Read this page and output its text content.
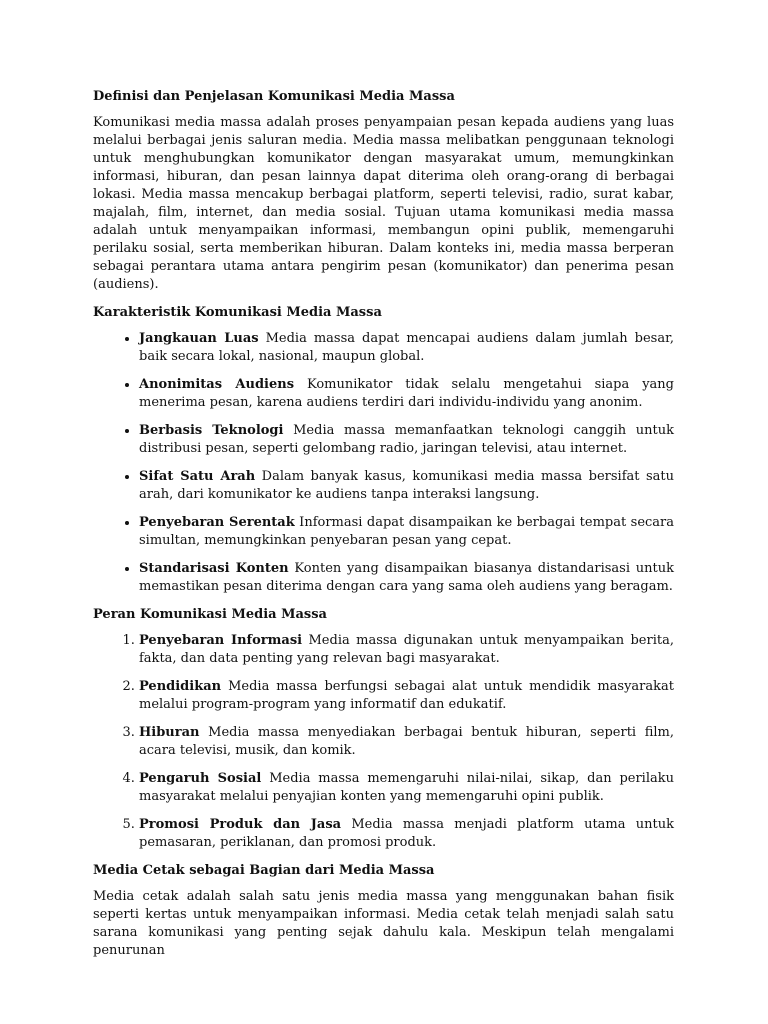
Definisi dan Penjelasan Komunikasi Media Massa

Komunikasi media massa adalah proses penyampaian pesan kepada audiens yang luas melalui berbagai jenis saluran media. Media massa melibatkan penggunaan teknologi untuk menghubungkan komunikator dengan masyarakat umum, memungkinkan informasi, hiburan, dan pesan lainnya dapat diterima oleh orang-orang di berbagai lokasi. Media massa mencakup berbagai platform, seperti televisi, radio, surat kabar, majalah, film, internet, dan media sosial. Tujuan utama komunikasi media massa adalah untuk menyampaikan informasi, membangun opini publik, memengaruhi perilaku sosial, serta memberikan hiburan. Dalam konteks ini, media massa berperan sebagai perantara utama antara pengirim pesan (komunikator) dan penerima pesan (audiens).

Karakteristik Komunikasi Media Massa
• Jangkauan Luas Media massa dapat mencapai audiens dalam jumlah besar, baik secara lokal, nasional, maupun global.
• Anonimitas Audiens Komunikator tidak selalu mengetahui siapa yang menerima pesan, karena audiens terdiri dari individu-individu yang anonim.
• Berbasis Teknologi Media massa memanfaatkan teknologi canggih untuk distribusi pesan, seperti gelombang radio, jaringan televisi, atau internet.
• Sifat Satu Arah Dalam banyak kasus, komunikasi media massa bersifat satu arah, dari komunikator ke audiens tanpa interaksi langsung.
• Penyebaran Serentak Informasi dapat disampaikan ke berbagai tempat secara simultan, memungkinkan penyebaran pesan yang cepat.
• Standarisasi Konten Konten yang disampaikan biasanya distandarisasi untuk memastikan pesan diterima dengan cara yang sama oleh audiens yang beragam.
Peran Komunikasi Media Massa
1. Penyebaran Informasi Media massa digunakan untuk menyampaikan berita, fakta, dan data penting yang relevan bagi masyarakat.
2. Pendidikan Media massa berfungsi sebagai alat untuk mendidik masyarakat melalui program-program yang informatif dan edukatif.
3. Hiburan Media massa menyediakan berbagai bentuk hiburan, seperti film, acara televisi, musik, dan komik.
4. Pengaruh Sosial Media massa memengaruhi nilai-nilai, sikap, dan perilaku masyarakat melalui penyajian konten yang memengaruhi opini publik.
5. Promosi Produk dan Jasa Media massa menjadi platform utama untuk pemasaran, periklanan, dan promosi produk.
Media Cetak sebagai Bagian dari Media Massa

Media cetak adalah salah satu jenis media massa yang menggunakan bahan fisik seperti kertas untuk menyampaikan informasi. Media cetak telah menjadi salah satu sarana komunikasi yang penting sejak dahulu kala. Meskipun telah mengalami penurunan
